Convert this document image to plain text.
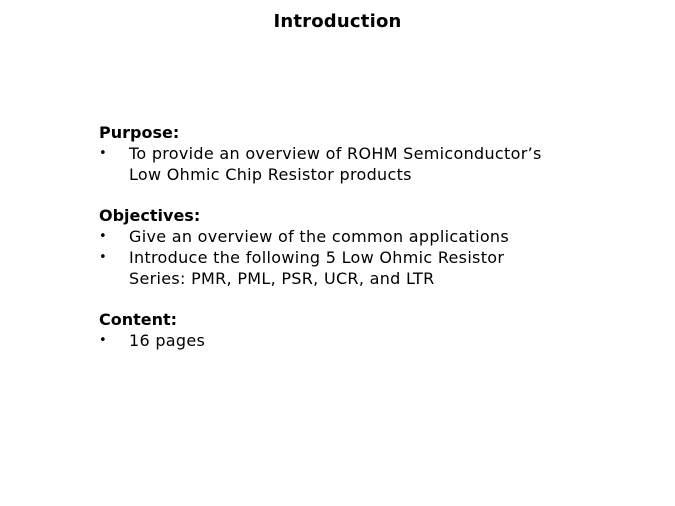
Introduction
Purpose:
• To provide an overview of ROHM Semiconductor’s Low Ohmic Chip Resistor products
Objectives:
• Give an overview of the common applications
• Introduce the following 5 Low Ohmic Resistor Series: PMR, PML, PSR, UCR, and LTR
Content:
• 16 pages
